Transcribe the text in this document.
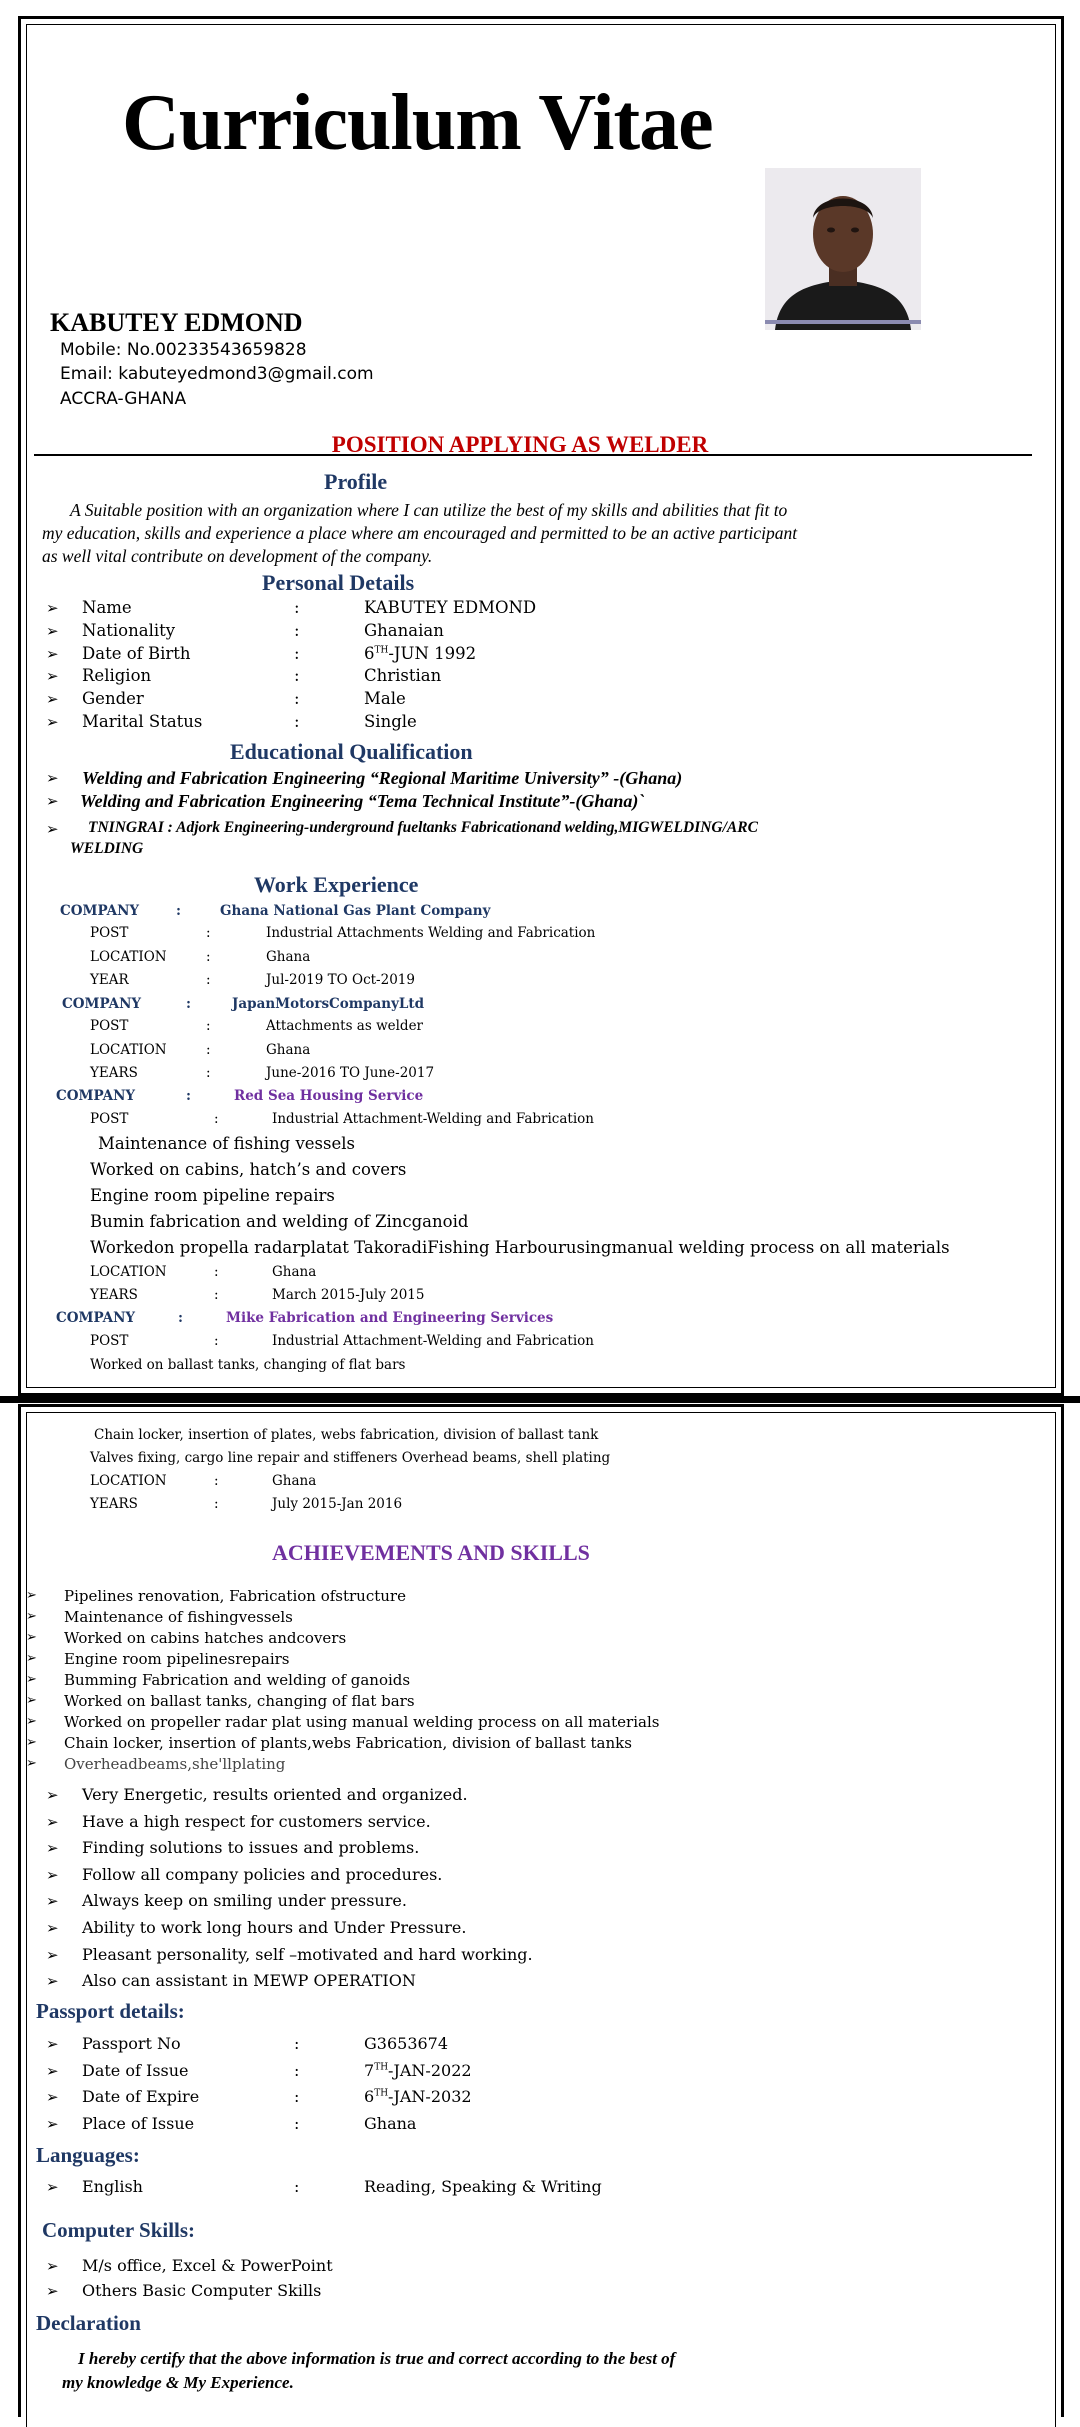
Curriculum Vitae
KABUTEY EDMOND
Mobile: No.00233543659828
Email: kabuteyedmond3@gmail.com
ACCRA-GHANA
POSITION APPLYING AS WELDER
Profile
A Suitable position with an organization where I can utilize the best of my skills and abilities that fit to
my education, skills and experience a place where am encouraged and permitted to be an active participant
as well vital contribute on development of the company.
Personal Details
➢ Name	:	KABUTEY EDMOND
➢ Nationality	:	Ghanaian
➢ Date of Birth	:	6TH-JUN 1992
➢ Religion	:	Christian
➢ Gender	:	Male
➢ Marital Status	:	Single
Educational Qualification
➢ Welding and Fabrication Engineering “Regional Maritime University” -(Ghana)
➢ Welding and Fabrication Engineering “Tema Technical Institute”-(Ghana)`
➢ TNINGRAI : Adjork Engineering-underground fueltanks Fabricationand welding,MIGWELDING/ARC
WELDING
Work Experience
COMPANY	:	Ghana National Gas Plant Company
POST	:	Industrial Attachments Welding and Fabrication
LOCATION	:	Ghana
YEAR	:	Jul-2019 TO Oct-2019
COMPANY	:	JapanMotorsCompanyLtd
POST	:	Attachments as welder
LOCATION	:	Ghana
YEARS	:	June-2016 TO June-2017
COMPANY	:	Red Sea Housing Service
POST	:	Industrial Attachment-Welding and Fabrication
Maintenance of fishing vessels
Worked on cabins, hatch’s and covers
Engine room pipeline repairs
Bumin fabrication and welding of Zincganoid
Workedon propella radarplatat TakoradiFishing Harbourusingmanual welding process on all materials
LOCATION	:	Ghana
YEARS	:	March 2015-July 2015
COMPANY	:	Mike Fabrication and Engineering Services
POST	:	Industrial Attachment-Welding and Fabrication
Worked on ballast tanks, changing of flat bars
Chain locker, insertion of plates, webs fabrication, division of ballast tank
Valves fixing, cargo line repair and stiffeners Overhead beams, shell plating
LOCATION	:	Ghana
YEARS	:	July 2015-Jan 2016
ACHIEVEMENTS AND SKILLS
➢ Pipelines renovation, Fabrication ofstructure
➢ Maintenance of fishingvessels
➢ Worked on cabins hatches andcovers
➢ Engine room pipelinesrepairs
➢ Bumming Fabrication and welding of ganoids
➢ Worked on ballast tanks, changing of flat bars
➢ Worked on propeller radar plat using manual welding process on all materials
➢ Chain locker, insertion of plants,webs Fabrication, division of ballast tanks
➢ Overheadbeams,she'llplating
➢ Very Energetic, results oriented and organized.
➢ Have a high respect for customers service.
➢ Finding solutions to issues and problems.
➢ Follow all company policies and procedures.
➢ Always keep on smiling under pressure.
➢ Ability to work long hours and Under Pressure.
➢ Pleasant personality, self –motivated and hard working.
➢ Also can assistant in MEWP OPERATION
Passport details:
➢ Passport No	:	G3653674
➢ Date of Issue	:	7TH-JAN-2022
➢ Date of Expire	:	6TH-JAN-2032
➢ Place of Issue	:	Ghana
Languages:
➢ English	:	Reading, Speaking & Writing
Computer Skills:
➢ M/s office, Excel & PowerPoint
➢ Others Basic Computer Skills
Declaration
I hereby certify that the above information is true and correct according to the best of
my knowledge & My Experience.
